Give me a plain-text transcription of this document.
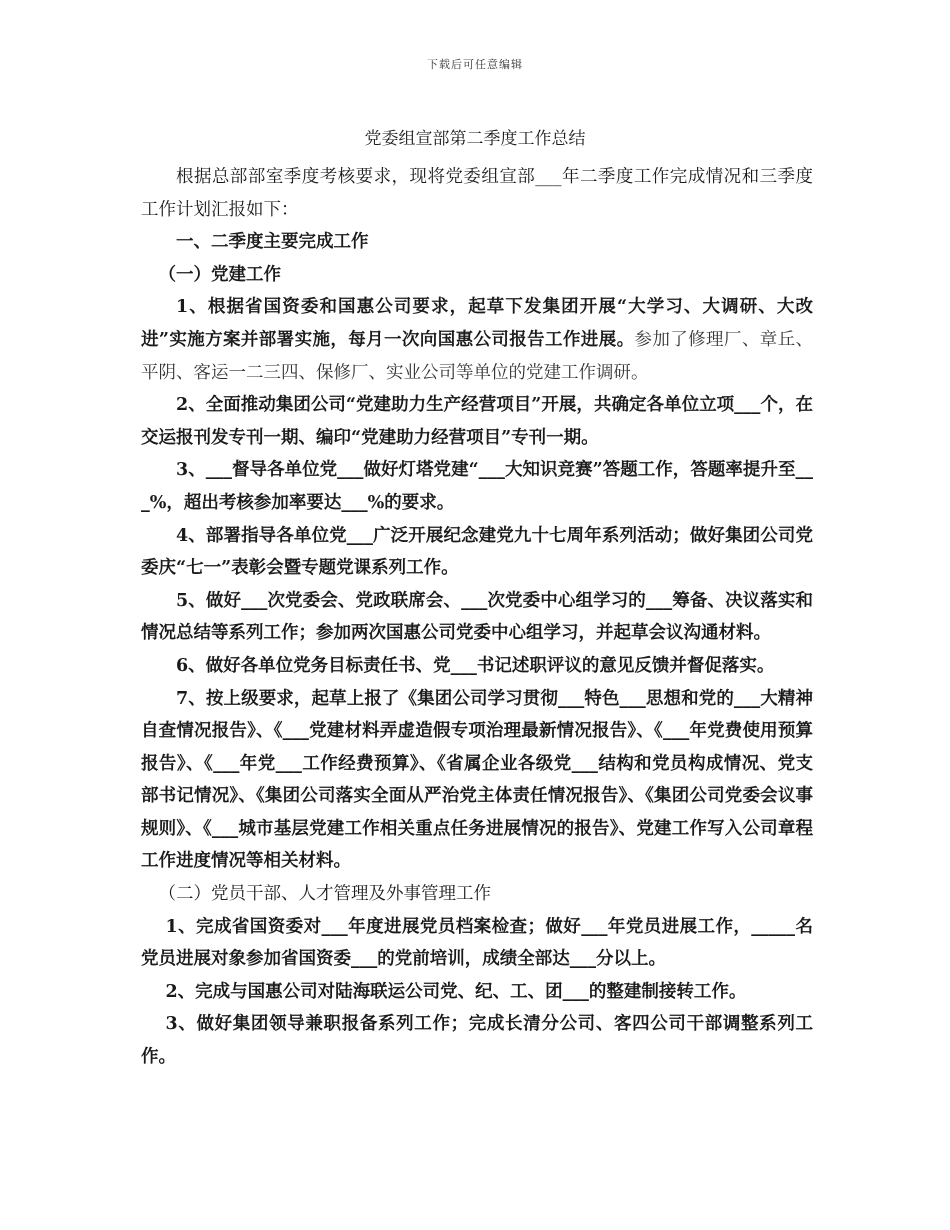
下载后可任意编辑
党委组宣部第二季度工作总结

根据总部部室季度考核要求，现将党委组宣部___年二季度工作完成情况和三季度工作计划汇报如下：

一、二季度主要完成工作

（一）党建工作

1、根据省国资委和国惠公司要求，起草下发集团开展“大学习、大调研、大改进”实施方案并部署实施，每月一次向国惠公司报告工作进展。参加了修理厂、章丘、平阴、客运一二三四、保修厂、实业公司等单位的党建工作调研。

2、全面推动集团公司“党建助力生产经营项目”开展，共确定各单位立项___个，在交运报刊发专刊一期、编印“党建助力经营项目”专刊一期。

3、___督导各单位党___做好灯塔党建“___大知识竞赛”答题工作，答题率提升至___%，超出考核参加率要达___%的要求。

4、部署指导各单位党___广泛开展纪念建党九十七周年系列活动；做好集团公司党委庆“七一”表彰会暨专题党课系列工作。

5、做好___次党委会、党政联席会、___次党委中心组学习的___筹备、决议落实和情况总结等系列工作；参加两次国惠公司党委中心组学习，并起草会议沟通材料。

6、做好各单位党务目标责任书、党___书记述职评议的意见反馈并督促落实。

7、按上级要求，起草上报了《集团公司学习贯彻___特色___思想和党的___大精神自查情况报告》、《___党建材料弄虚造假专项治理最新情况报告》、《___年党费使用预算报告》、《___年党___工作经费预算》、《省属企业各级党___结构和党员构成情况、党支部书记情况》、《集团公司落实全面从严治党主体责任情况报告》、《集团公司党委会议事规则》、《___城市基层党建工作相关重点任务进展情况的报告》、党建工作写入公司章程工作进度情况等相关材料。

（二）党员干部、人才管理及外事管理工作

1、完成省国资委对___年度进展党员档案检查；做好___年党员进展工作，_____名党员进展对象参加省国资委___的党前培训，成绩全部达___分以上。

2、完成与国惠公司对陆海联运公司党、纪、工、团___的整建制接转工作。

3、做好集团领导兼职报备系列工作；完成长清分公司、客四公司干部调整系列工作。
